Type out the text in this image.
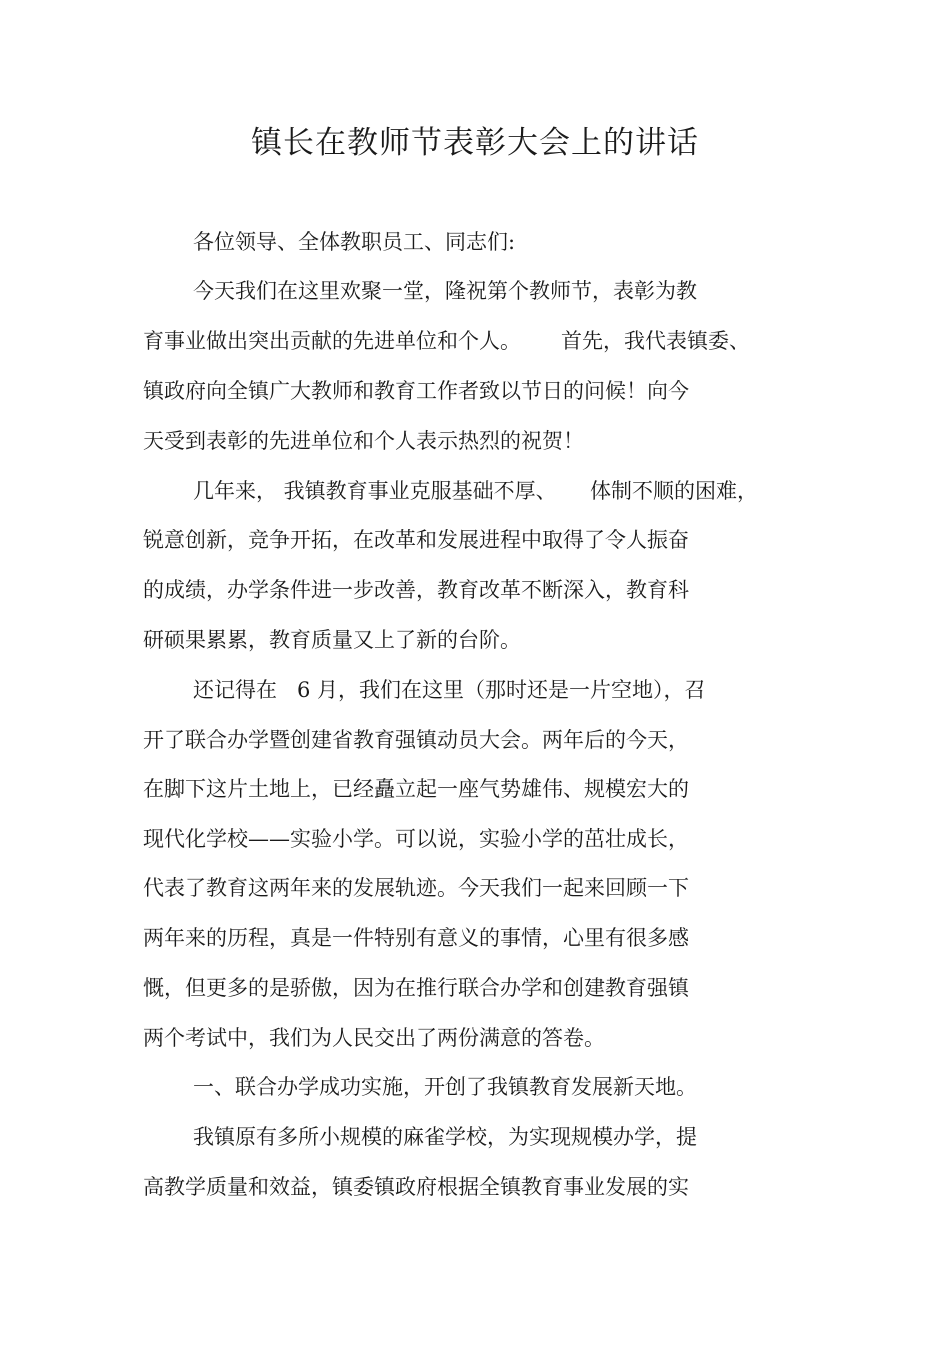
镇长在教师节表彰大会上的讲话
各位领导、全体教职员工、同志们:
今天我们在这里欢聚一堂，隆祝第个教师节，表彰为教
育事业做出突出贡献的先进单位和个人。      首先，我代表镇委、
镇政府向全镇广大教师和教育工作者致以节日的问候！向今
天受到表彰的先进单位和个人表示热烈的祝贺！
几年来， 我镇教育事业克服基础不厚、     体制不顺的困难，
锐意创新，竞争开拓，在改革和发展进程中取得了令人振奋
的成绩，办学条件进一步改善，教育改革不断深入，教育科
研硕果累累，教育质量又上了新的台阶。
还记得在   6 月，我们在这里（那时还是一片空地），召
开了联合办学暨创建省教育强镇动员大会。两年后的今天，
在脚下这片土地上，已经矗立起一座气势雄伟、规模宏大的
现代化学校——实验小学。可以说，实验小学的茁壮成长，
代表了教育这两年来的发展轨迹。今天我们一起来回顾一下
两年来的历程，真是一件特别有意义的事情，心里有很多感
慨，但更多的是骄傲，因为在推行联合办学和创建教育强镇
两个考试中，我们为人民交出了两份满意的答卷。
一、联合办学成功实施，开创了我镇教育发展新天地。
我镇原有多所小规模的麻雀学校，为实现规模办学，提
高教学质量和效益，镇委镇政府根据全镇教育事业发展的实
